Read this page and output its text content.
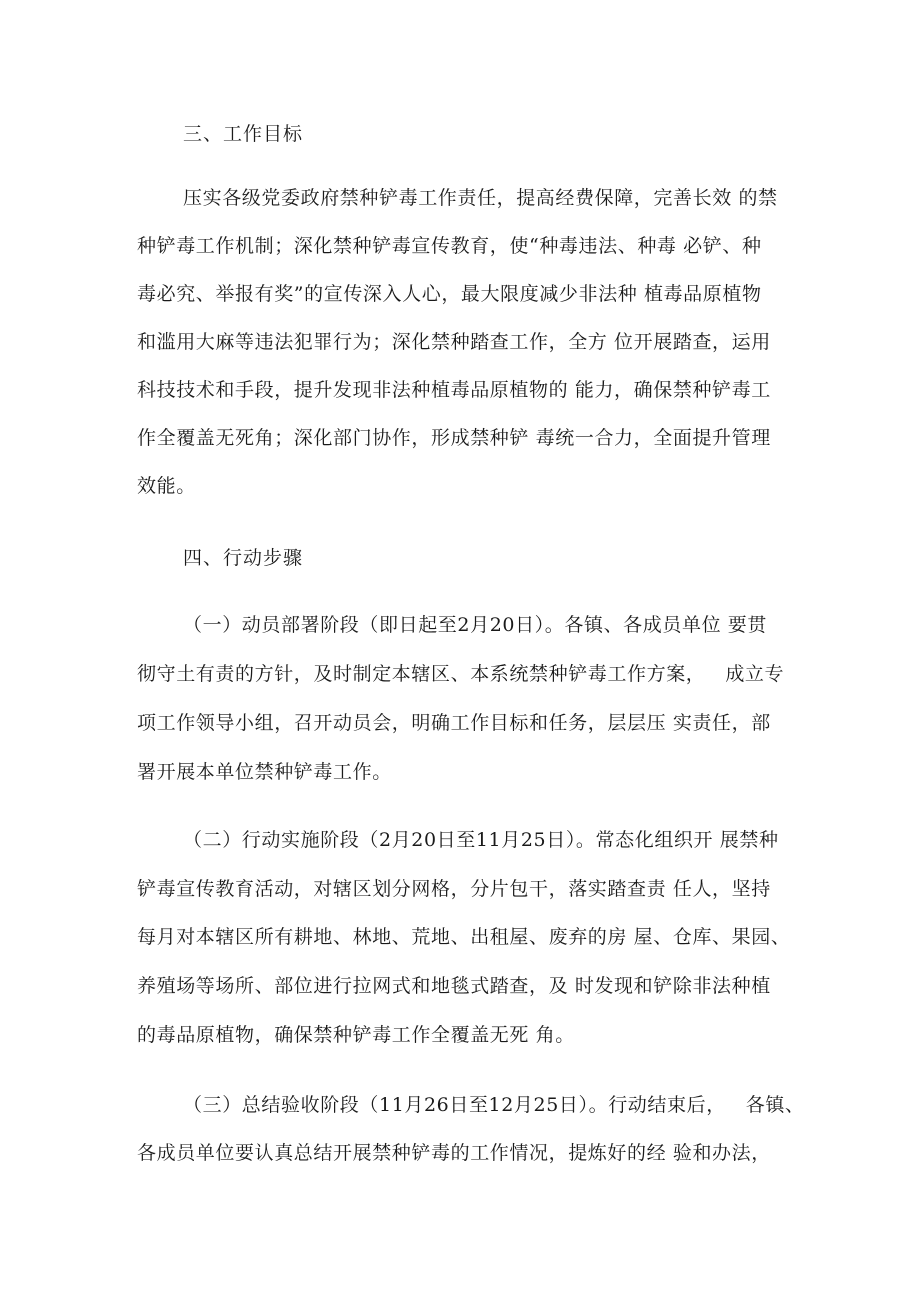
三、工作目标
压实各级党委政府禁种铲毒工作责任，提高经费保障，完善长效 的禁
种铲毒工作机制；深化禁种铲毒宣传教育，使“种毒违法、种毒 必铲、种
毒必究、举报有奖”的宣传深入人心，最大限度减少非法种 植毒品原植物
和滥用大麻等违法犯罪行为；深化禁种踏查工作，全方 位开展踏查，运用
科技技术和手段，提升发现非法种植毒品原植物的 能力，确保禁种铲毒工
作全覆盖无死角；深化部门协作，形成禁种铲 毒统一合力，全面提升管理
效能。
四、行动步骤
（一）动员部署阶段（即日起至2月20日）。各镇、各成员单位 要贯
彻守土有责的方针，及时制定本辖区、本系统禁种铲毒工作方案，   成立专
项工作领导小组，召开动员会，明确工作目标和任务，层层压 实责任，部
署开展本单位禁种铲毒工作。
（二）行动实施阶段（2月20日至11月25日）。常态化组织开 展禁种
铲毒宣传教育活动，对辖区划分网格，分片包干，落实踏查责 任人，坚持
每月对本辖区所有耕地、林地、荒地、出租屋、废弃的房 屋、仓库、果园、
养殖场等场所、部位进行拉网式和地毯式踏查，及 时发现和铲除非法种植
的毒品原植物，确保禁种铲毒工作全覆盖无死 角。
（三）总结验收阶段（11月26日至12月25日）。行动结束后，   各镇、
各成员单位要认真总结开展禁种铲毒的工作情况，提炼好的经 验和办法，
